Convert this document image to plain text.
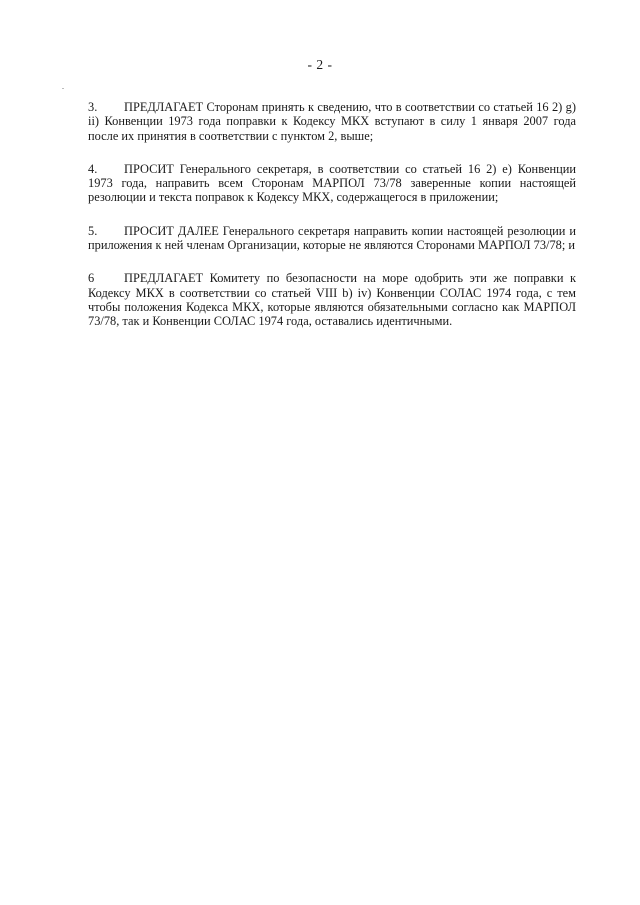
- 2 -

3. ПРЕДЛАГАЕТ Сторонам принять к сведению, что в соответствии со статьей 16 2) g) ii) Конвенции 1973 года поправки к Кодексу МКХ вступают в силу 1 января 2007 года после их принятия в соответствии с пунктом 2, выше;

4. ПРОСИТ Генерального секретаря, в соответствии со статьей 16 2) e) Конвенции 1973 года, направить всем Сторонам МАРПОЛ 73/78 заверенные копии настоящей резолюции и текста поправок к Кодексу МКХ, содержащегося в приложении;

5. ПРОСИТ ДАЛЕЕ Генерального секретаря направить копии настоящей резолюции и приложения к ней членам Организации, которые не являются Сторонами МАРПОЛ 73/78; и

6 ПРЕДЛАГАЕТ Комитету по безопасности на море одобрить эти же поправки к Кодексу МКХ в соответствии со статьей VIII b) iv) Конвенции СОЛАС 1974 года, с тем чтобы положения Кодекса МКХ, которые являются обязательными согласно как МАРПОЛ 73/78, так и Конвенции СОЛАС 1974 года, оставались идентичными.
